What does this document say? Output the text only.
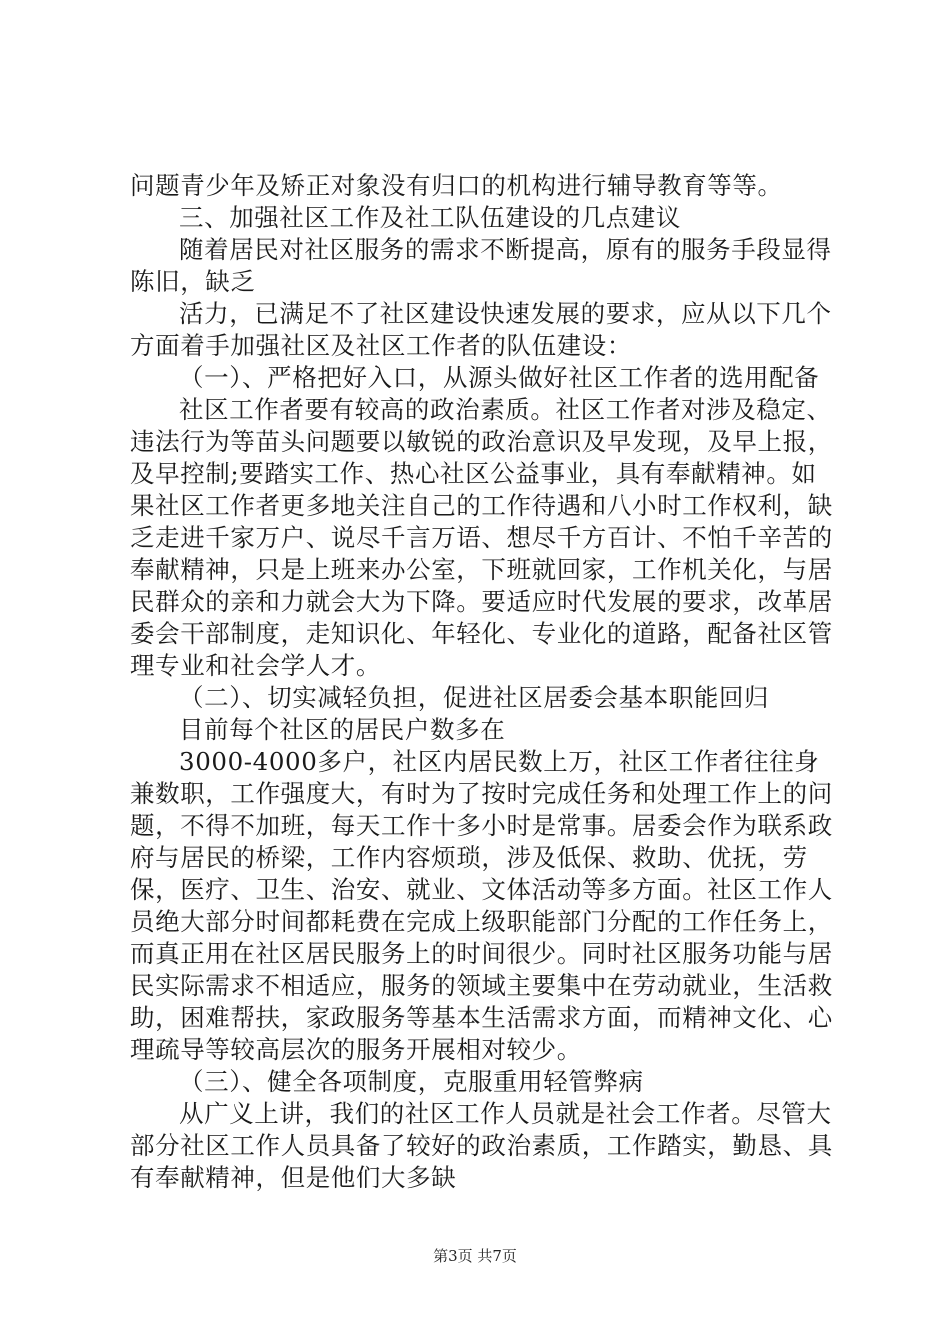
问题青少年及矫正对象没有归口的机构进行辅导教育等等。

三、加强社区工作及社工队伍建设的几点建议

随着居民对社区服务的需求不断提高，原有的服务手段显得陈旧，缺乏

活力，已满足不了社区建设快速发展的要求，应从以下几个方面着手加强社区及社区工作者的队伍建设：

（一）、严格把好入口，从源头做好社区工作者的选用配备

社区工作者要有较高的政治素质。社区工作者对涉及稳定、违法行为等苗头问题要以敏锐的政治意识及早发现，及早上报，及早控制;要踏实工作、热心社区公益事业，具有奉献精神。如果社区工作者更多地关注自己的工作待遇和八小时工作权利，缺乏走进千家万户、说尽千言万语、想尽千方百计、不怕千辛苦的奉献精神，只是上班来办公室，下班就回家，工作机关化，与居民群众的亲和力就会大为下降。要适应时代发展的要求，改革居委会干部制度，走知识化、年轻化、专业化的道路，配备社区管理专业和社会学人才。

（二）、切实减轻负担，促进社区居委会基本职能回归

目前每个社区的居民户数多在

3000-4000多户，社区内居民数上万，社区工作者往往身兼数职，工作强度大，有时为了按时完成任务和处理工作上的问题，不得不加班，每天工作十多小时是常事。居委会作为联系政府与居民的桥梁，工作内容烦琐，涉及低保、救助、优抚，劳保，医疗、卫生、治安、就业、文体活动等多方面。社区工作人员绝大部分时间都耗费在完成上级职能部门分配的工作任务上，而真正用在社区居民服务上的时间很少。同时社区服务功能与居民实际需求不相适应，服务的领域主要集中在劳动就业，生活救助，困难帮扶，家政服务等基本生活需求方面，而精神文化、心理疏导等较高层次的服务开展相对较少。

（三）、健全各项制度，克服重用轻管弊病

从广义上讲，我们的社区工作人员就是社会工作者。尽管大部分社区工作人员具备了较好的政治素质，工作踏实，勤恳、具有奉献精神，但是他们大多缺

第3页 共7页
